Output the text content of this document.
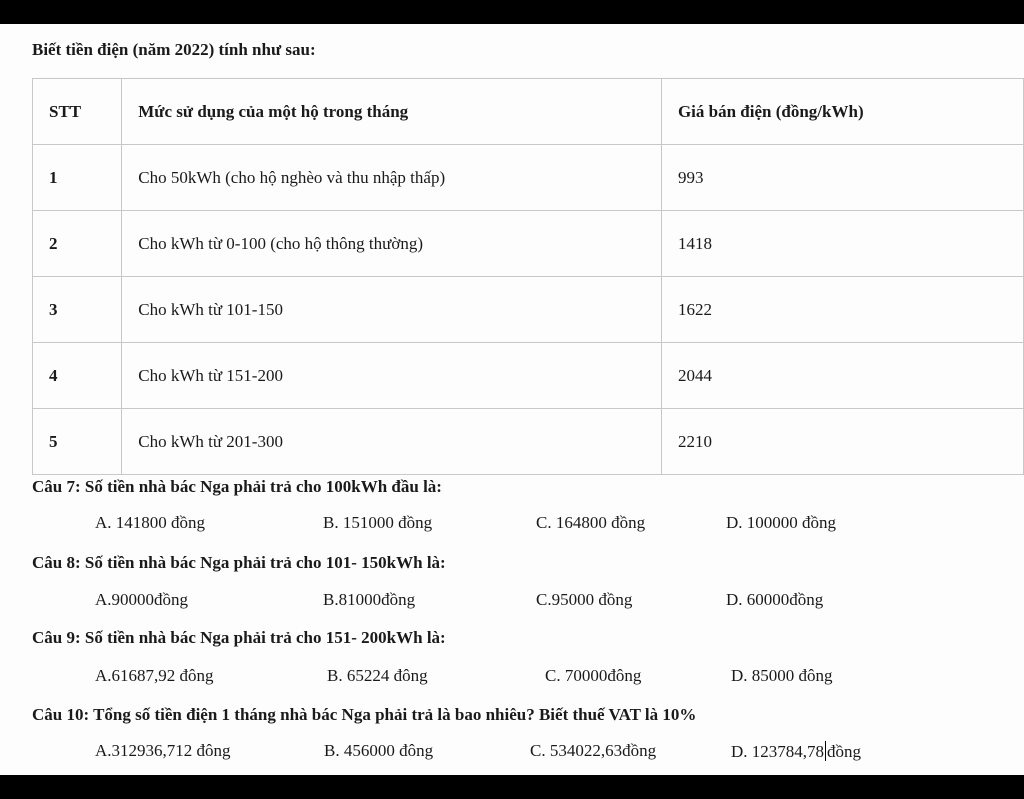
Biết tiền điện (năm 2022) tính như sau:
STT	Mức sử dụng của một hộ trong tháng	Giá bán điện (đồng/kWh)
1	Cho 50kWh (cho hộ nghèo và thu nhập thấp)	993
2	Cho kWh từ 0-100 (cho hộ thông thường)	1418
3	Cho kWh từ 101-150	1622
4	Cho kWh từ 151-200	2044
5	Cho kWh từ 201-300	2210
Câu 7: Số tiền nhà bác Nga phải trả cho 100kWh đầu là:
A. 141800 đồng	B. 151000 đồng	C. 164800 đồng	D. 100000 đồng
Câu 8: Số tiền nhà bác Nga phải trả cho 101- 150kWh là:
A.90000đồng	B.81000đồng	C.95000 đồng	D. 60000đồng
Câu 9: Số tiền nhà bác Nga phải trả cho 151- 200kWh là:
A.61687,92 đông	B. 65224 đông	C. 70000đông	D. 85000 đông
Câu 10: Tổng số tiền điện 1 tháng nhà bác Nga phải trả là bao nhiêu? Biết thuế VAT là 10%
A.312936,712 đông	B. 456000 đông	C. 534022,63đồng	D. 123784,78 đồng
